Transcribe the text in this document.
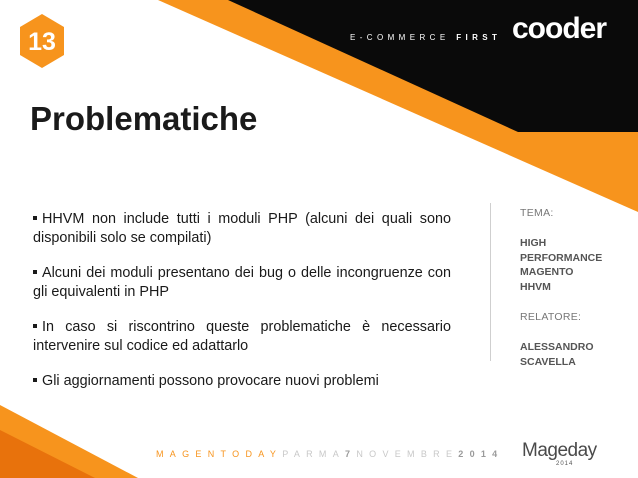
13	E-COMMERCE FIRST cooder
Problematiche
HHVM non include tutti i moduli PHP (alcuni dei quali sono disponibili solo se compilati)
Alcuni dei moduli presentano dei bug o delle incongruenze con gli equivalenti in PHP
In caso si riscontrino queste problematiche è necessario intervenire sul codice ed adattarlo
Gli aggiornamenti possono provocare nuovi problemi
TEMA:
HIGH
PERFORMANCE
MAGENTO
HHVM
RELATORE:
ALESSANDRO
SCAVELLA
MAGENTODAYPARMA7NOVEMBRE2014 Mageday
2014
